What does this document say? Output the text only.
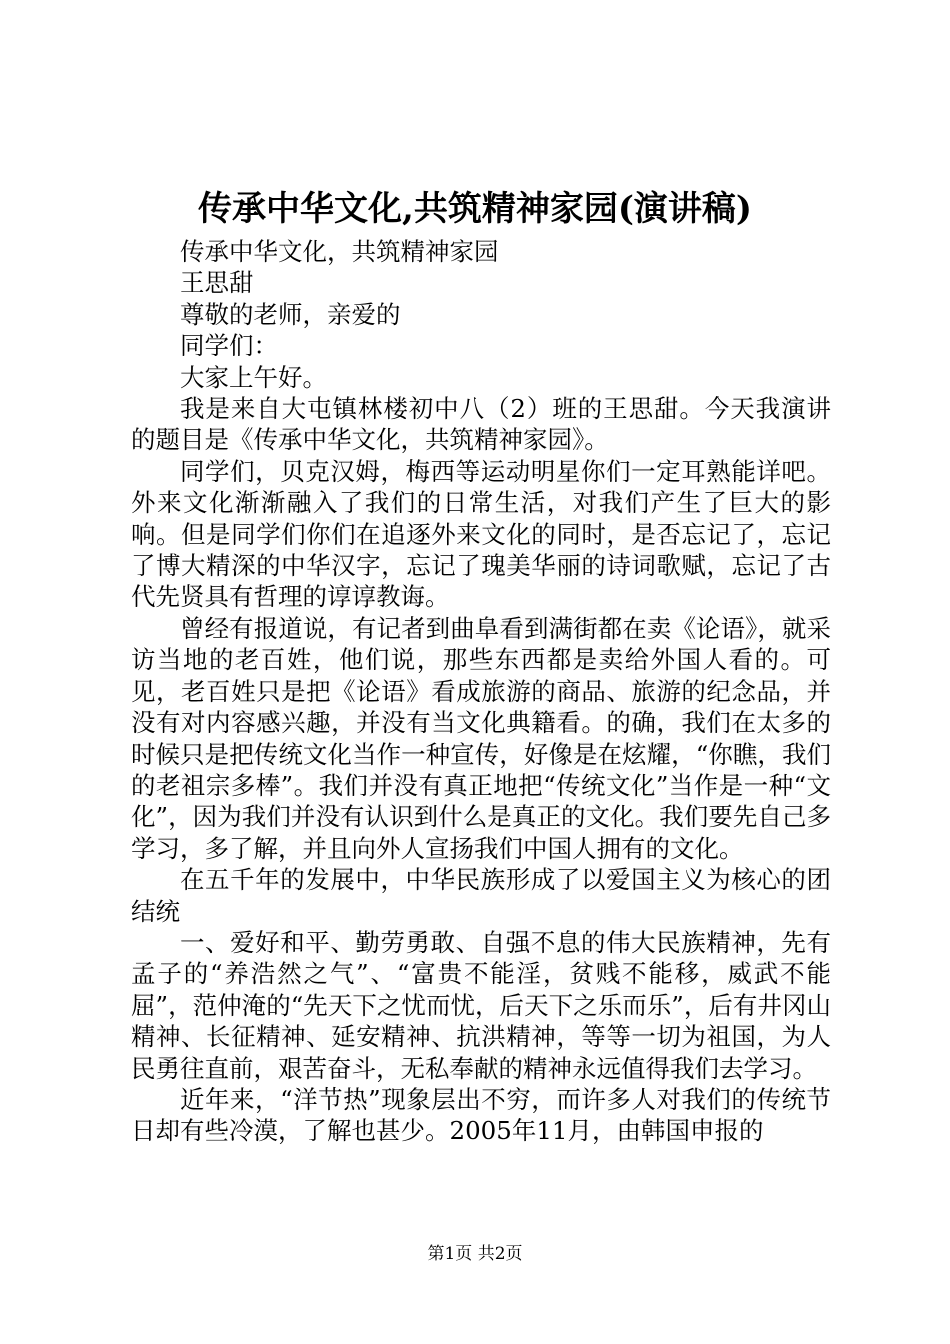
传承中华文化,共筑精神家园(演讲稿)

传承中华文化，共筑精神家园

王思甜

尊敬的老师，亲爱的

同学们：

大家上午好。

我是来自大屯镇林楼初中八（2）班的王思甜。今天我演讲的题目是《传承中华文化，共筑精神家园》。

同学们，贝克汉姆，梅西等运动明星你们一定耳熟能详吧。外来文化渐渐融入了我们的日常生活，对我们产生了巨大的影响。但是同学们你们在追逐外来文化的同时，是否忘记了，忘记了博大精深的中华汉字，忘记了瑰美华丽的诗词歌赋，忘记了古代先贤具有哲理的谆谆教诲。

曾经有报道说，有记者到曲阜看到满街都在卖《论语》，就采访当地的老百姓，他们说，那些东西都是卖给外国人看的。可见，老百姓只是把《论语》看成旅游的商品、旅游的纪念品，并没有对内容感兴趣，并没有当文化典籍看。的确，我们在太多的时候只是把传统文化当作一种宣传，好像是在炫耀，“你瞧，我们的老祖宗多棒”。我们并没有真正地把“传统文化”当作是一种“文化”，因为我们并没有认识到什么是真正的文化。我们要先自己多学习，多了解，并且向外人宣扬我们中国人拥有的文化。

在五千年的发展中，中华民族形成了以爱国主义为核心的团结统

一、爱好和平、勤劳勇敢、自强不息的伟大民族精神，先有孟子的“养浩然之气”、“富贵不能淫，贫贱不能移，威武不能屈”，范仲淹的“先天下之忧而忧，后天下之乐而乐”，后有井冈山精神、长征精神、延安精神、抗洪精神，等等一切为祖国，为人民勇往直前，艰苦奋斗，无私奉献的精神永远值得我们去学习。

近年来，“洋节热”现象层出不穷，而许多人对我们的传统节日却有些冷漠，了解也甚少。2005年11月，由韩国申报的

第1页 共2页
